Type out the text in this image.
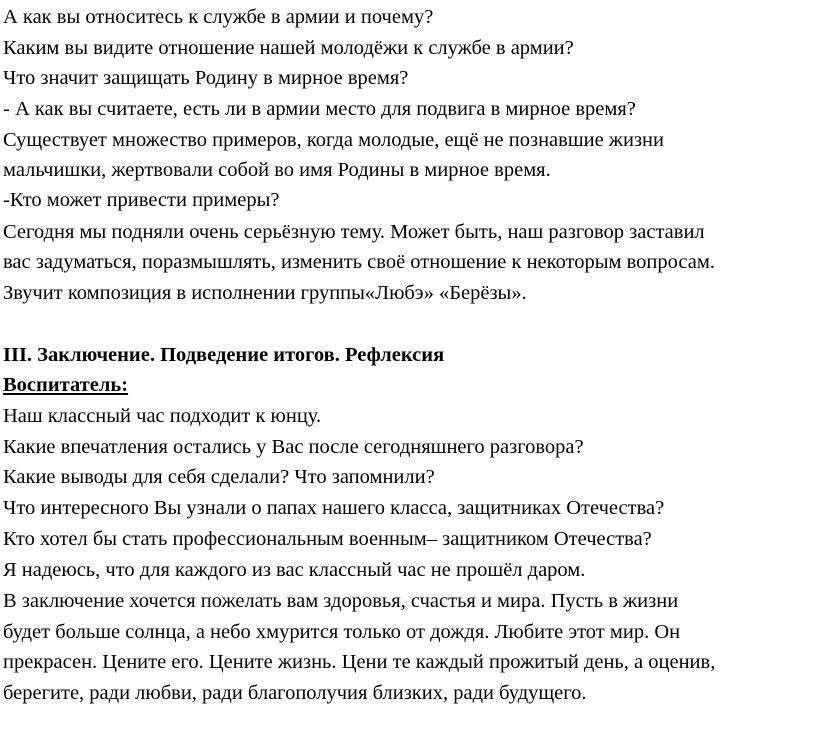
А как вы относитесь к службе в армии и почему?
Каким вы видите отношение нашей молодёжи к службе в армии?
Что значит защищать Родину в мирное время?
- А как вы считаете, есть ли в армии место для подвига в мирное время?
Существует множество примеров, когда молодые, ещё не познавшие жизни
мальчишки, жертвовали собой во имя Родины в мирное время.
-Кто может привести примеры?
Сегодня мы подняли очень серьёзную тему. Может быть, наш разговор заставил
вас задуматься, поразмышлять, изменить своё отношение к некоторым вопросам.
Звучит композиция в исполнении группы«Любэ» «Берёзы».
III. Заключение. Подведение итогов. Рефлексия
Воспитатель:
Наш классный час подходит к юнцу.
Какие впечатления остались у Вас после сегодняшнего разговора?
Какие выводы для себя сделали? Что запомнили?
Что интересного Вы узнали о папах нашего класса, защитниках Отечества?
Кто хотел бы стать профессиональным военным– защитником Отечества?
Я надеюсь, что для каждого из вас классный час не прошёл даром.
В заключение хочется пожелать вам здоровья, счастья и мира. Пусть в жизни
будет больше солнца, а небо хмурится только от дождя. Любите этот мир. Он
прекрасен. Цените его. Цените жизнь. Цени те каждый прожитый день, а оценив,
берегите, ради любви, ради благополучия близких, ради будущего.
